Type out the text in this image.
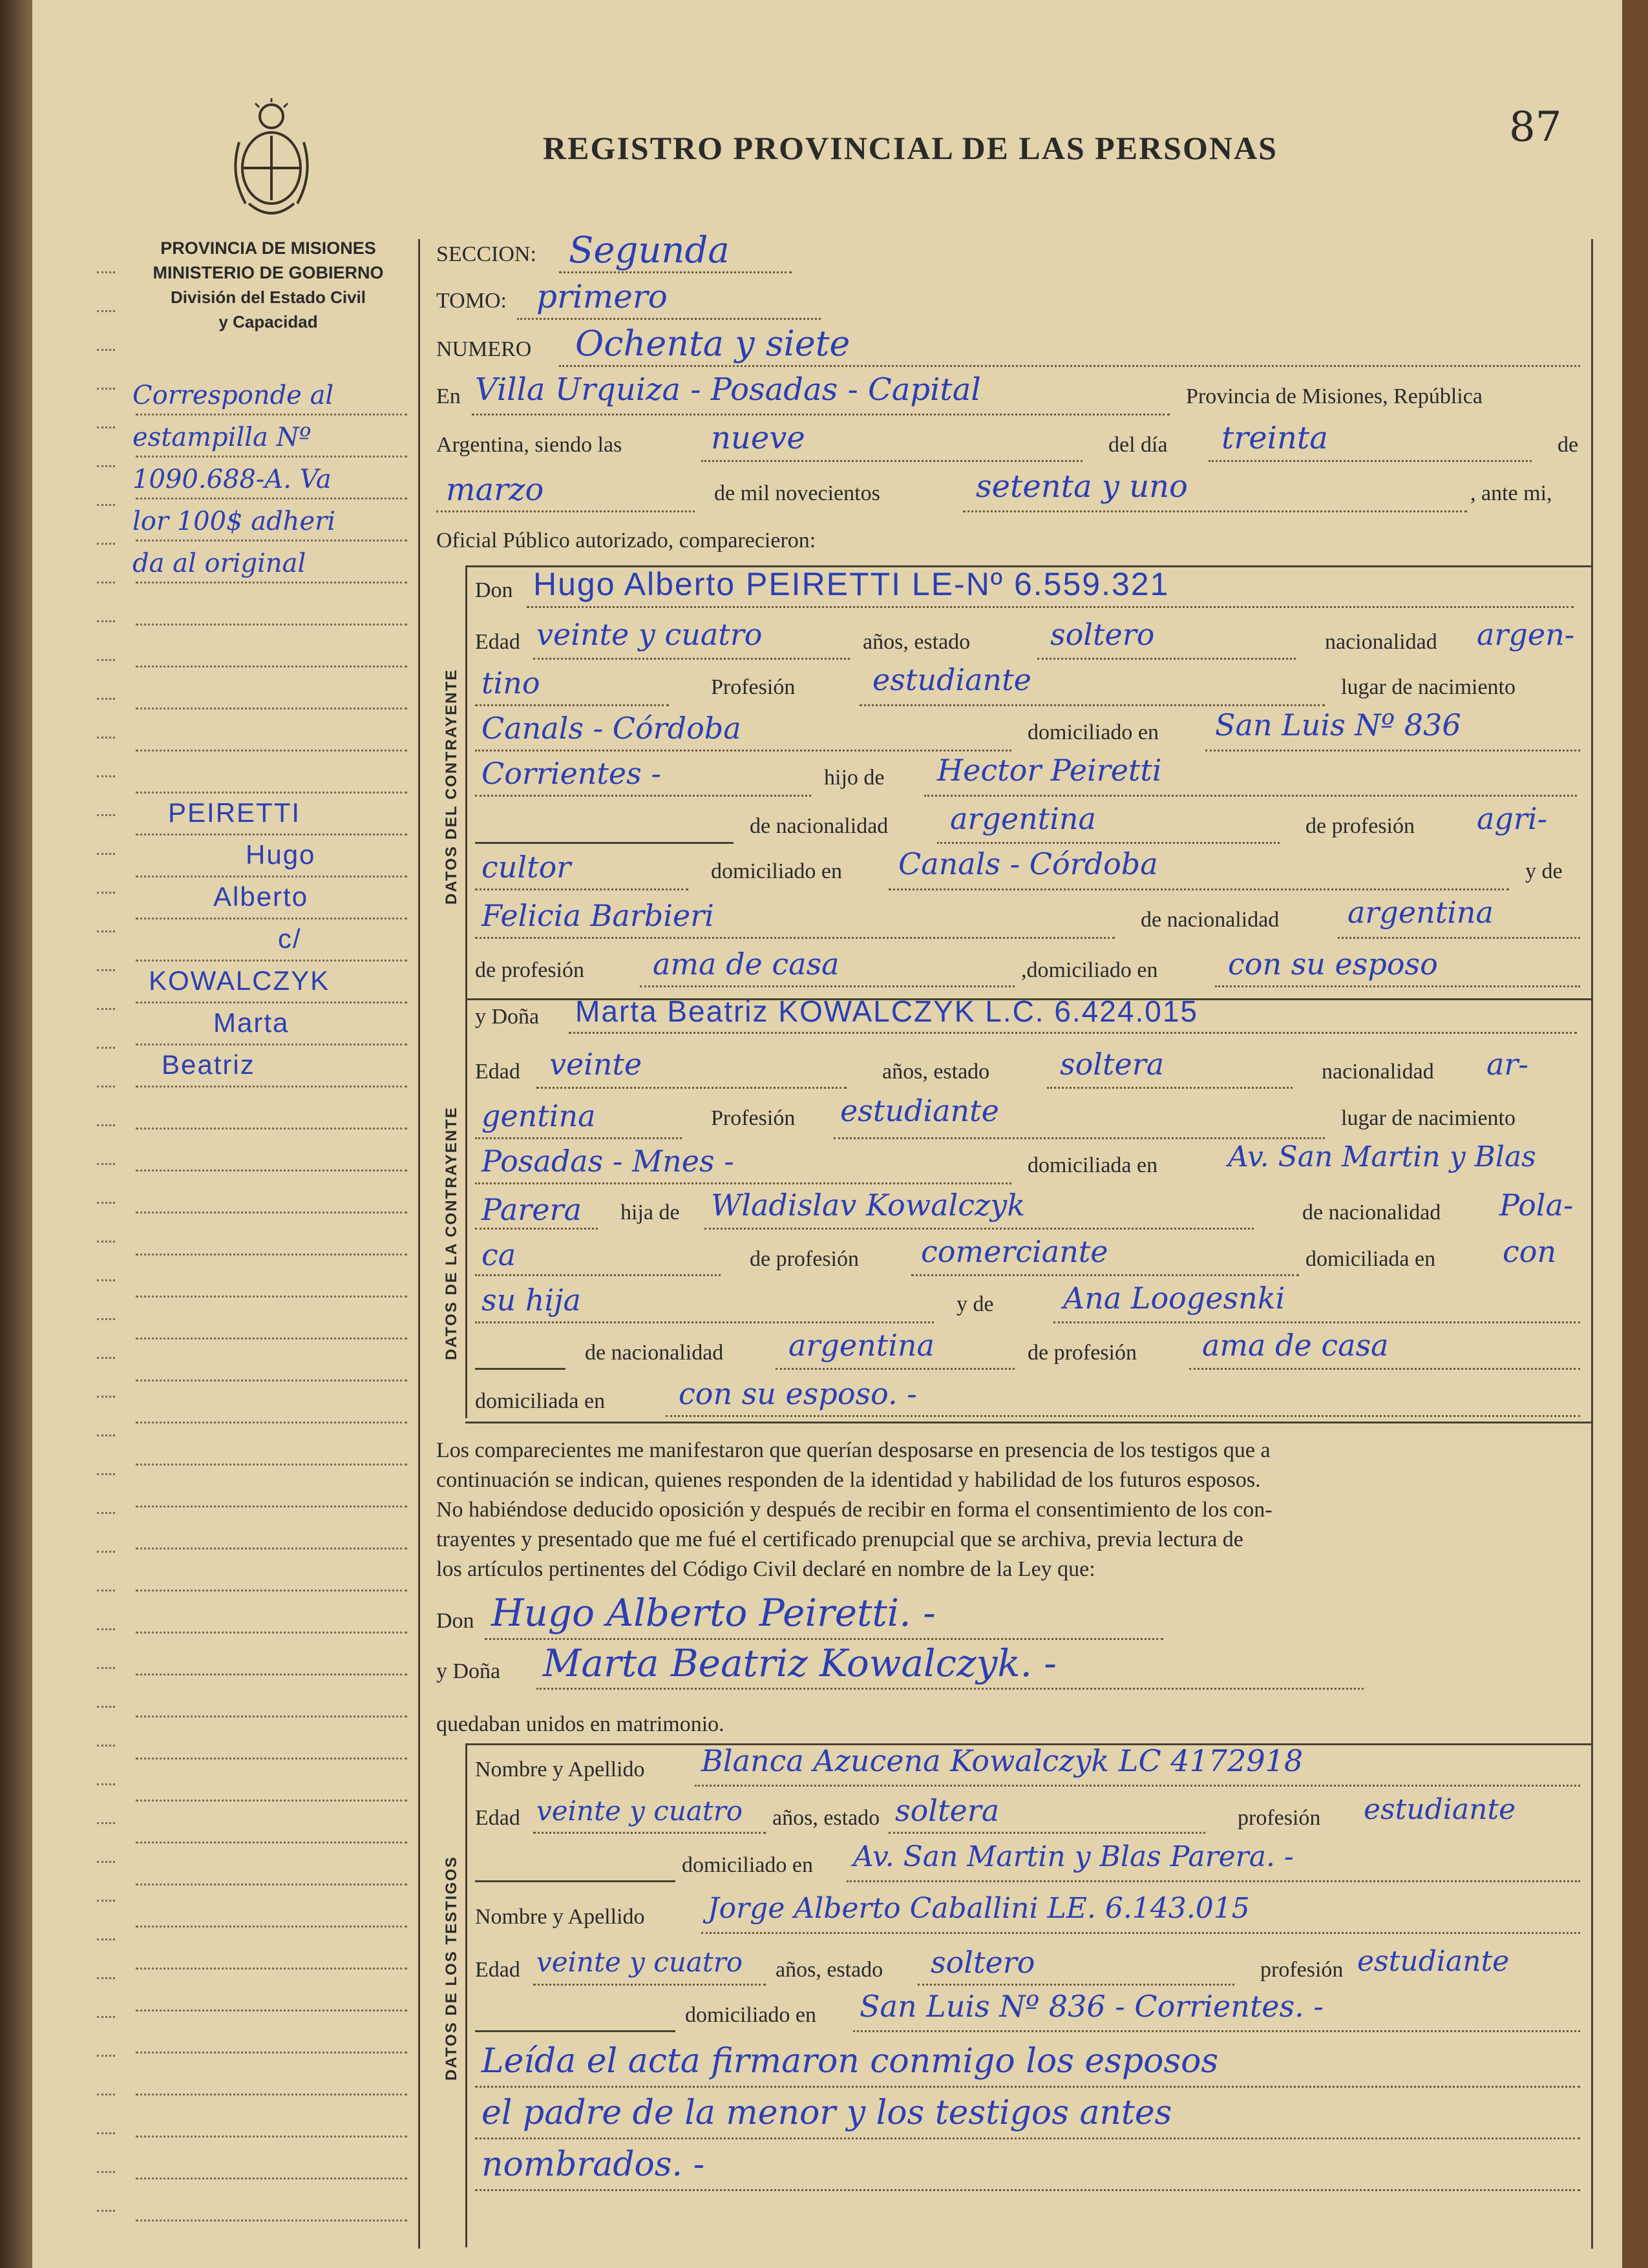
PROVINCIA DE MISIONES
MINISTERIO DE GOBIERNO
División del Estado Civil
y Capacidad
REGISTRO PROVINCIAL DE LAS PERSONAS	87
Corresponde al
estampilla Nº
1090.688-A. Va
lor 100$ adheri
da al original
PEIRETTI
Hugo
Alberto
c/
KOWALCZYK
Marta
Beatriz
SECCION: Segunda
TOMO: primero
NUMERO Ochenta y siete
En Villa Urquiza - Posadas - Capital	Provincia de Misiones, República
Argentina, siendo las	nueve	del día treinta	de
marzo	de mil novecientos	setenta y uno	, ante mi,
Oficial Público autorizado, comparecieron:
DATOS DEL CONTRAYENTE
Don Hugo Alberto PEIRETTI LE-Nº 6.559.321
Edad veinte y cuatro	años, estado	soltero	nacionalidad argen-
tino	Profesión	estudiante	lugar de nacimiento
Canals - Córdoba	domiciliado en San Luis Nº 836
Corrientes -	hijo de Hector Peiretti
de nacionalidad argentina	de profesión agri-
cultor	domiciliado en Canals - Córdoba	y de
Felicia Barbieri	de nacionalidad argentina
de profesión ama de casa	,domiciliado en con su esposo
DATOS DE LA CONTRAYENTE
y Doña Marta Beatriz KOWALCZYK L.C. 6.424.015
Edad veinte	años, estado soltera	nacionalidad ar-
gentina	Profesión estudiante	lugar de nacimiento
Posadas - Mnes -	domiciliada en Av. San Martin y Blas
Parera hija de Wladislav Kowalczyk	de nacionalidad Pola-
ca	de profesión comerciante	domiciliada en con
su hija	y de Ana Loogesnki
de nacionalidad argentina	de profesión ama de casa
domiciliada en con su esposo. -
Los comparecientes me manifestaron que querían desposarse en presencia de los testigos que a
continuación se indican, quienes responden de la identidad y habilidad de los futuros esposos.
No habiéndose deducido oposición y después de recibir en forma el consentimiento de los con-
trayentes y presentado que me fué el certificado prenupcial que se archiva, previa lectura de
los artículos pertinentes del Código Civil declaré en nombre de la Ley que:
Don Hugo Alberto Peiretti. -
y Doña Marta Beatriz Kowalczyk. -
quedaban unidos en matrimonio.
DATOS DE LOS TESTIGOS
Nombre y Apellido Blanca Azucena Kowalczyk LC 4172918
Edad veinte y cuatro años, estado soltera	profesión estudiante
domiciliado en Av. San Martin y Blas Parera. -
Nombre y Apellido Jorge Alberto Caballini LE. 6.143.015
Edad veinte y cuatro años, estado soltero	profesión estudiante
domiciliado en San Luis Nº 836 - Corrientes. -
Leída el acta firmaron conmigo los esposos
el padre de la menor y los testigos antes
nombrados. -
